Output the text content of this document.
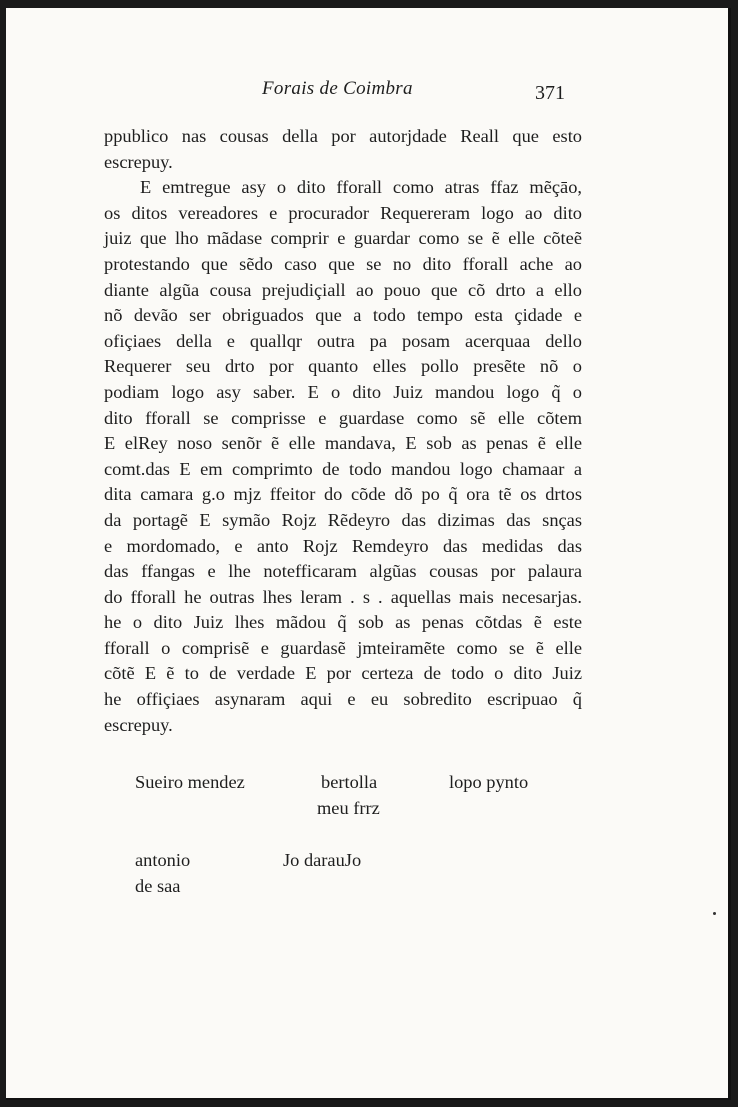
Forais de Coimbra	371
ppublico nas cousas della por autorjdade Reall que esto
escrepuy.
E emtregue asy o dito fforall como atras ffaz mẽçāo,
os ditos vereadores e procurador Requereram logo ao dito
juiz que lho mãdase comprir e guardar como se ẽ elle cõteẽ
protestando que sẽdo caso que se no dito fforall ache ao
diante algũa cousa prejudiçiall ao pouo que cõ drto a ello
nõ devão ser obriguados que a todo tempo esta çidade e
ofiçiaes della e quallqr outra pa posam acerquaa dello
Requerer seu drto por quanto elles pollo presẽte nõ o
podiam logo asy saber. E o dito Juiz mandou logo q̃ o
dito fforall se comprisse e guardase como sẽ elle cõtem
E elRey noso senõr ẽ elle mandava, E sob as penas ẽ elle
comt.das E em comprimto de todo mandou logo chamaar a
dita camara g.o mjz ffeitor do cõde dõ po q̃ ora tẽ os drtos
da portagẽ E symão Rojz Rẽdeyro das dizimas das snças
e mordomado, e anto Rojz Remdeyro das medidas das
das ffangas e lhe notefficaram algũas cousas por palaura
do fforall he outras lhes leram . s . aquellas mais necesarjas.
he o dito Juiz lhes mãdou q̃ sob as penas cõtdas ẽ este
fforall o comprisẽ e guardasẽ jmteiramẽte como se ẽ elle
cõtẽ E ẽ to de verdade E por certeza de todo o dito Juiz
he offiçiaes asynaram aqui e eu sobredito escripuao q̃
escrepuy.
Sueiro mendez	bertolla
meu frrz
lopo pynto
antonio
de saa
Jo darauJo
